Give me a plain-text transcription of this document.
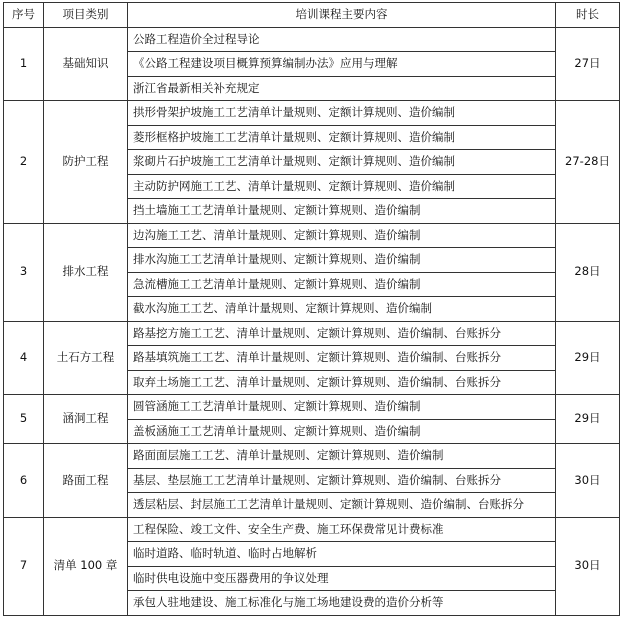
序号	项目类别	培训课程主要内容	时长
1	基础知识	公路工程造价全过程导论	27日
		《公路工程建设项目概算预算编制办法》应用与理解	
		浙江省最新相关补充规定	
2	防护工程	拱形骨架护坡施工工艺清单计量规则、定额计算规则、造价编制	27-28日
		菱形框格护坡施工工艺清单计量规则、定额计算规则、造价编制	
		浆砌片石护坡施工工艺清单计量规则、定额计算规则、造价编制	
		主动防护网施工工艺、清单计量规则、定额计算规则、造价编制	
		挡土墙施工工艺清单计量规则、定额计算规则、造价编制	
3	排水工程	边沟施工工艺、清单计量规则、定额计算规则、造价编制	28日
		排水沟施工工艺清单计量规则、定额计算规则、造价编制	
		急流槽施工工艺清单计量规则、定额计算规则、造价编制	
		截水沟施工工艺、清单计量规则、定额计算规则、造价编制	
4	土石方工程	路基挖方施工工艺、清单计量规则、定额计算规则、造价编制、台账拆分	29日
		路基填筑施工工艺、清单计量规则、定额计算规则、造价编制、台账拆分	
		取弃土场施工工艺、清单计量规则、定额计算规则、造价编制、台账拆分	
5	涵洞工程	圆管涵施工工艺清单计量规则、定额计算规则、造价编制	29日
		盖板涵施工工艺清单计量规则、定额计算规则、造价编制	
6	路面工程	路面面层施工工艺、清单计量规则、定额计算规则、造价编制	30日
		基层、垫层施工工艺清单计量规则、定额计算规则、造价编制、台账拆分	
		透层粘层、封层施工工艺清单计量规则、定额计算规则、造价编制、台账拆分	
7	清单 100 章	工程保险、竣工文件、安全生产费、施工环保费常见计费标准	30日
		临时道路、临时轨道、临时占地解析	
		临时供电设施中变压器费用的争议处理	
		承包人驻地建设、施工标准化与施工场地建设费的造价分析等	
